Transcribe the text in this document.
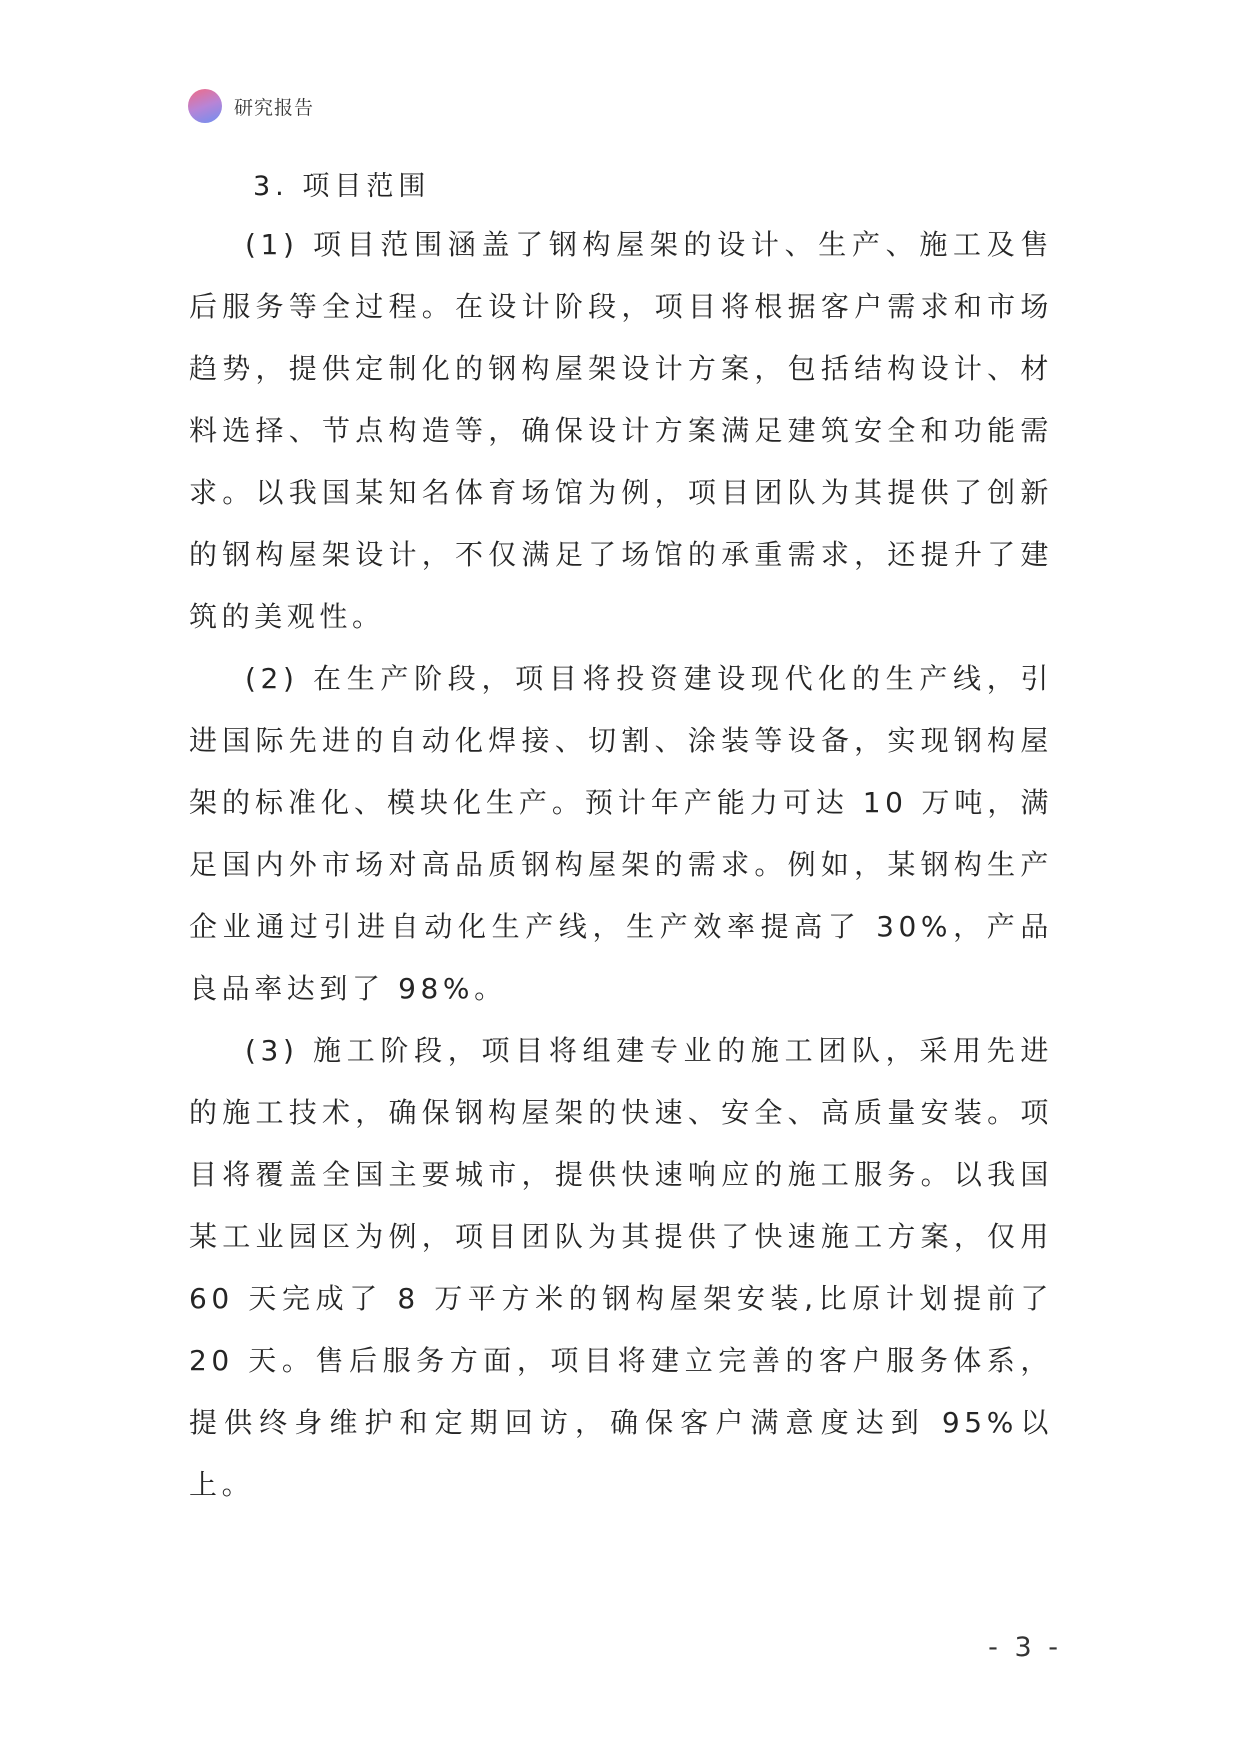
研究报告
3. 项目范围

(1) 项目范围涵盖了钢构屋架的设计、生产、施工及售后服务等全过程。在设计阶段，项目将根据客户需求和市场趋势，提供定制化的钢构屋架设计方案，包括结构设计、材料选择、节点构造等，确保设计方案满足建筑安全和功能需求。以我国某知名体育场馆为例，项目团队为其提供了创新的钢构屋架设计，不仅满足了场馆的承重需求，还提升了建筑的美观性。

(2) 在生产阶段，项目将投资建设现代化的生产线，引进国际先进的自动化焊接、切割、涂装等设备，实现钢构屋架的标准化、模块化生产。预计年产能力可达 10 万吨，满足国内外市场对高品质钢构屋架的需求。例如，某钢构生产企业通过引进自动化生产线，生产效率提高了 30%，产品良品率达到了 98%。

(3) 施工阶段，项目将组建专业的施工团队，采用先进的施工技术，确保钢构屋架的快速、安全、高质量安装。项目将覆盖全国主要城市，提供快速响应的施工服务。以我国某工业园区为例，项目团队为其提供了快速施工方案，仅用 60 天完成了 8 万平方米的钢构屋架安装,比原计划提前了 20 天。售后服务方面，项目将建立完善的客户服务体系，提供终身维护和定期回访，确保客户满意度达到 95%以上。

- 3 -
